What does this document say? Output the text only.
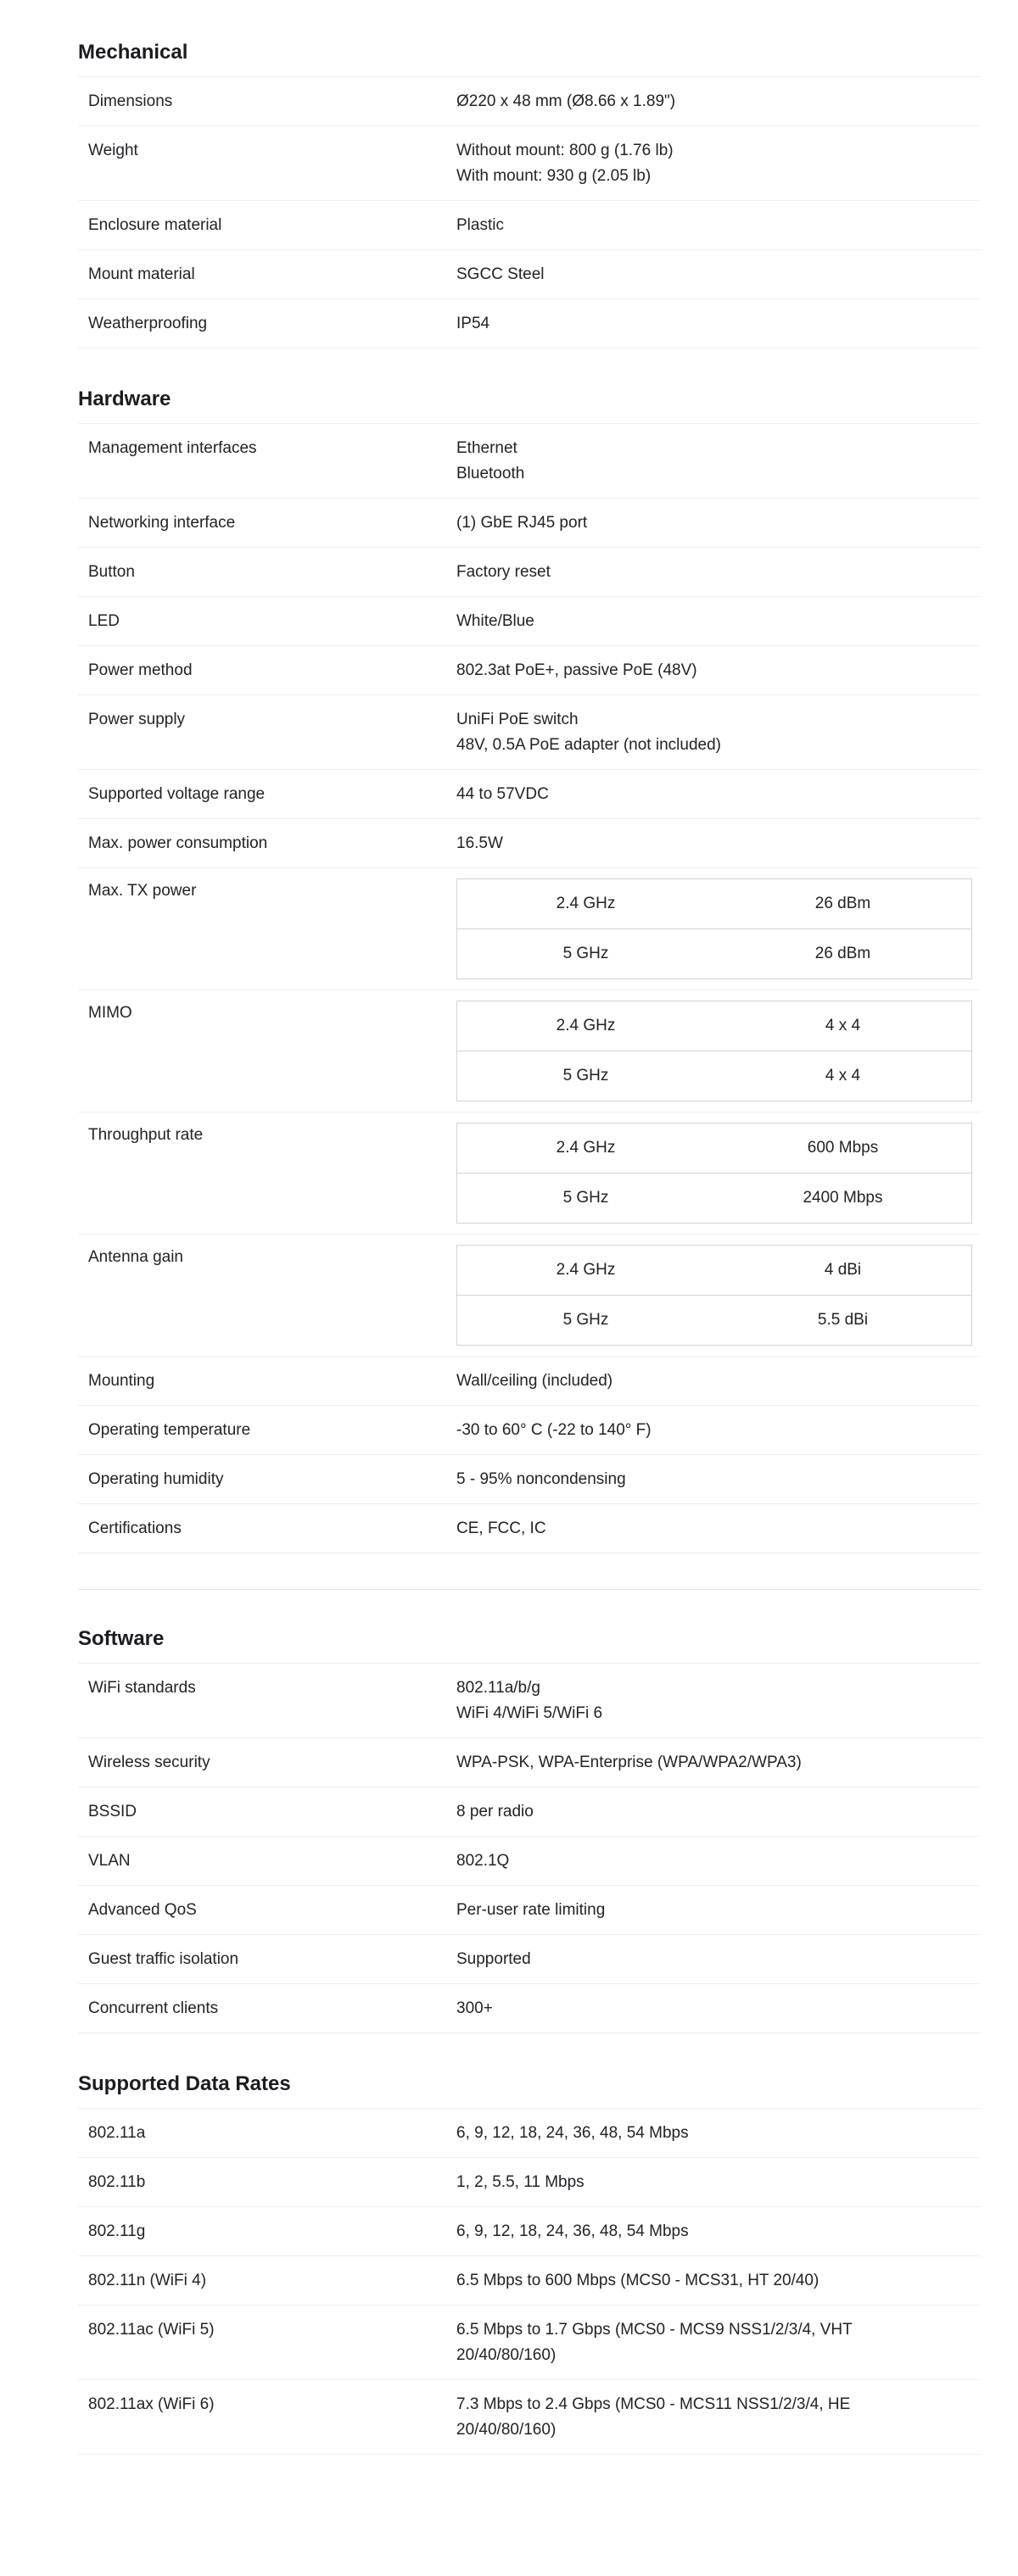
Mechanical
Dimensions	Ø220 x 48 mm (Ø8.66 x 1.89")
Weight	Without mount: 800 g (1.76 lb)
With mount: 930 g (2.05 lb)
Enclosure material	Plastic
Mount material	SGCC Steel
Weatherproofing	IP54
Hardware
Management interfaces	Ethernet
Bluetooth
Networking interface	(1) GbE RJ45 port
Button	Factory reset
LED	White/Blue
Power method	802.3at PoE+, passive PoE (48V)
Power supply	UniFi PoE switch
48V, 0.5A PoE adapter (not included)
Supported voltage range	44 to 57VDC
Max. power consumption	16.5W
Max. TX power
2.4 GHz	26 dBm
5 GHz	26 dBm
MIMO
2.4 GHz	4 x 4
5 GHz	4 x 4
Throughput rate
2.4 GHz	600 Mbps
5 GHz	2400 Mbps
Antenna gain
2.4 GHz	4 dBi
5 GHz	5.5 dBi
Mounting	Wall/ceiling (included)
Operating temperature	-30 to 60° C (-22 to 140° F)
Operating humidity	5 - 95% noncondensing
Certifications	CE, FCC, IC
Software
WiFi standards	802.11a/b/g
WiFi 4/WiFi 5/WiFi 6
Wireless security	WPA-PSK, WPA-Enterprise (WPA/WPA2/WPA3)
BSSID	8 per radio
VLAN	802.1Q
Advanced QoS	Per-user rate limiting
Guest traffic isolation	Supported
Concurrent clients	300+
Supported Data Rates
802.11a	6, 9, 12, 18, 24, 36, 48, 54 Mbps
802.11b	1, 2, 5.5, 11 Mbps
802.11g	6, 9, 12, 18, 24, 36, 48, 54 Mbps
802.11n (WiFi 4)	6.5 Mbps to 600 Mbps (MCS0 - MCS31, HT 20/40)
802.11ac (WiFi 5)	6.5 Mbps to 1.7 Gbps (MCS0 - MCS9 NSS1/2/3/4, VHT
20/40/80/160)
802.11ax (WiFi 6)	7.3 Mbps to 2.4 Gbps (MCS0 - MCS11 NSS1/2/3/4, HE
20/40/80/160)
